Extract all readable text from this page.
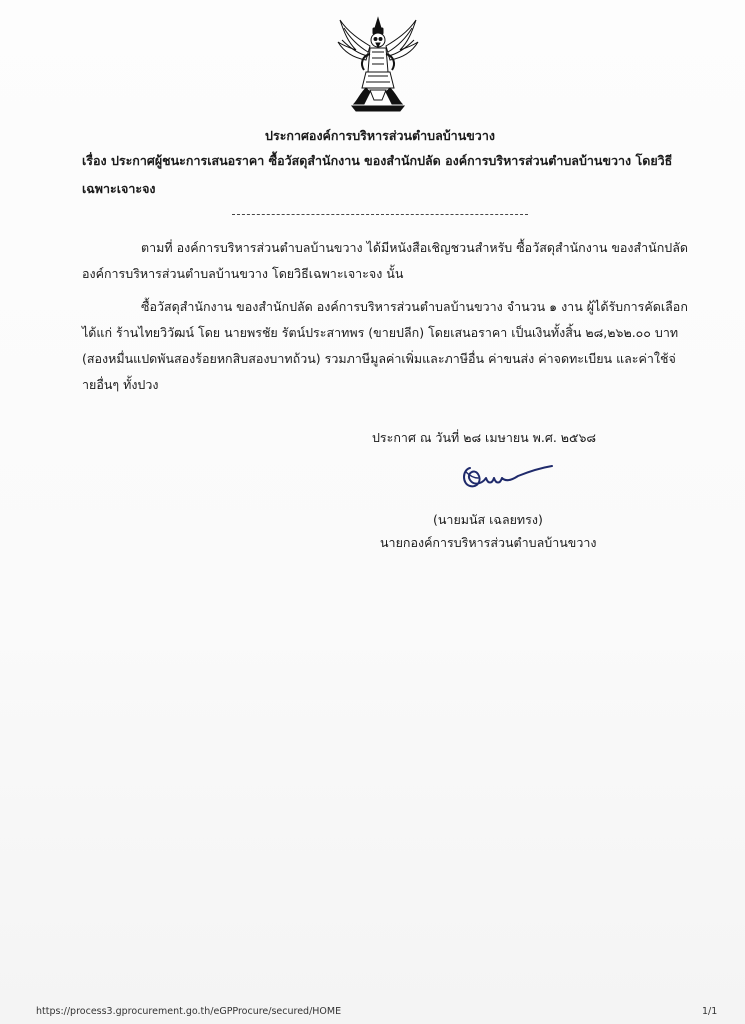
ประกาศองค์การบริหารส่วนตำบลบ้านขวาง
เรื่อง ประกาศผู้ชนะการเสนอราคา ซื้อวัสดุสำนักงาน ของสำนักปลัด องค์การบริหารส่วนตำบลบ้านขวาง โดยวิธี
เฉพาะเจาะจง
ตามที่ องค์การบริหารส่วนตำบลบ้านขวาง ได้มีหนังสือเชิญชวนสำหรับ ซื้อวัสดุสำนักงาน ของสำนักปลัด
องค์การบริหารส่วนตำบลบ้านขวาง โดยวิธีเฉพาะเจาะจง นั้น
ซื้อวัสดุสำนักงาน ของสำนักปลัด องค์การบริหารส่วนตำบลบ้านขวาง จำนวน ๑ งาน ผู้ได้รับการคัดเลือก
ได้แก่ ร้านไทยวิวัฒน์ โดย นายพรชัย รัตน์ประสาทพร (ขายปลีก) โดยเสนอราคา เป็นเงินทั้งสิ้น ๒๘,๒๖๒.๐๐ บาท
(สองหมื่นแปดพันสองร้อยหกสิบสองบาทถ้วน) รวมภาษีมูลค่าเพิ่มและภาษีอื่น ค่าขนส่ง ค่าจดทะเบียน และค่าใช้จ่
ายอื่นๆ ทั้งปวง
ประกาศ ณ วันที่ ๒๘ เมษายน พ.ศ. ๒๕๖๘
(นายมนัส เฉลยทรง)
นายกองค์การบริหารส่วนตำบลบ้านขวาง
https://process3.gprocurement.go.th/eGPProcure/secured/HOME	1/1
